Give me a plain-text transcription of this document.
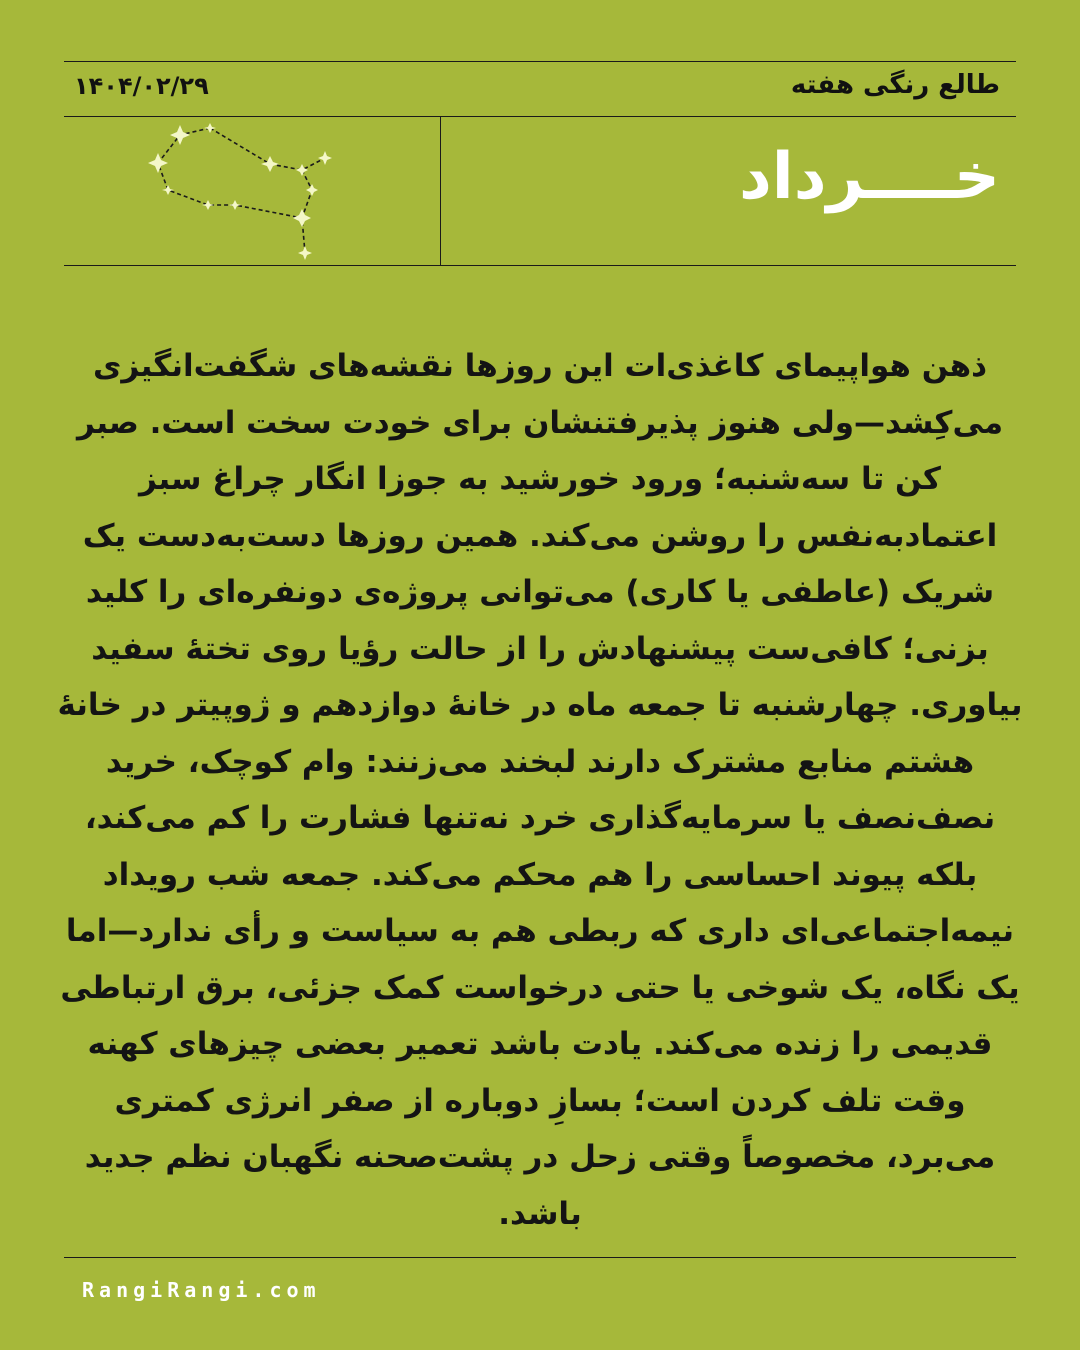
طالع رنگی هفته
۱۴۰۴/۰۲/۲۹
خــــرداد
ذهن هواپیمای کاغذی‌ات این روزها نقشه‌های شگفت‌انگیزی می‌کِشد—ولی هنوز پذیرفتنشان برای خودت سخت است. صبر کن تا سه‌شنبه؛ ورود خورشید به جوزا انگار چراغ سبز اعتمادبه‌نفس را روشن می‌کند. همین روزها دست‌به‌دست یک شریک (عاطفی یا کاری) می‌توانی پروژه‌ی دونفره‌ای را کلید بزنی؛ کافی‌ست پیشنهادش را از حالت رؤیا روی تختهٔ سفید بیاوری. چهارشنبه تا جمعه ماه در خانهٔ دوازدهم و ژوپیتر در خانهٔ هشتم منابع مشترک دارند لبخند می‌زنند: وام کوچک، خرید نصف‌نصف یا سرمایه‌گذاری خرد نه‌تنها فشارت را کم می‌کند، بلکه پیوند احساسی را هم محکم می‌کند. جمعه شب رویداد نیمه‌اجتماعی‌ای داری که ربطی هم به سیاست و رأی ندارد—اما یک نگاه، یک شوخی یا حتی درخواست کمک جزئی، برق ارتباطی قدیمی را زنده می‌کند. یادت باشد تعمیر بعضی چیزهای کهنه وقت تلف کردن است؛ بسازِ دوباره از صفر انرژی کمتری می‌برد، مخصوصاً وقتی زحل در پشت‌صحنه نگهبان نظم جدید باشد.
RangiRangi.com
